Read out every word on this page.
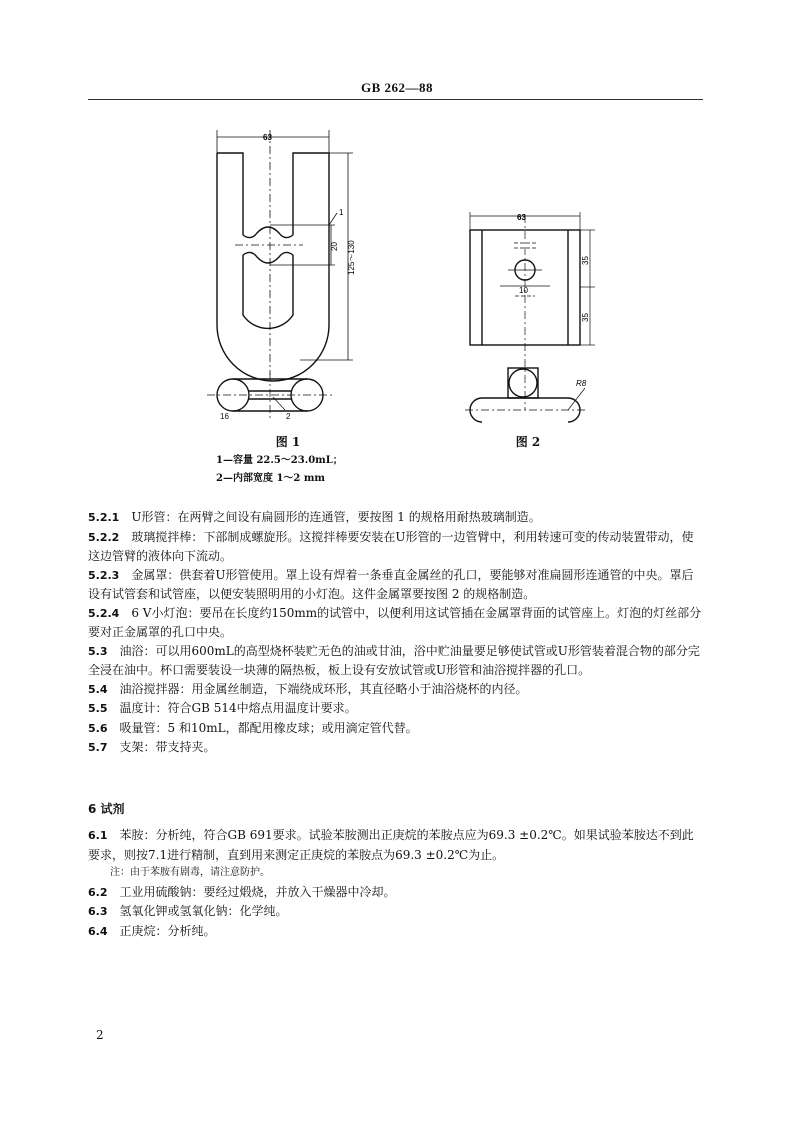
GB 262—88
63
1
20 125～130
16	2
图 1
1—容量 22.5～23.0mL；
2—内部宽度 1～2 mm
63
10
35
35
R8
图 2

5.2.1 U形管：在两臂之间设有扁圆形的连通管，要按图 1 的规格用耐热玻璃制造。

5.2.2 玻璃搅拌棒：下部制成螺旋形。这搅拌棒要安装在U形管的一边管臂中，利用转速可变的传动装置带动，使这边管臂的液体向下流动。

5.2.3 金属罩：供套着U形管使用。罩上设有焊着一条垂直金属丝的孔口，要能够对准扁圆形连通管的中央。罩后设有试管套和试管座，以便安装照明用的小灯泡。这件金属罩要按图 2 的规格制造。

5.2.4 6 V小灯泡：要吊在长度约150mm的试管中，以便利用这试管插在金属罩背面的试管座上。灯泡的灯丝部分要对正金属罩的孔口中央。

5.3 油浴：可以用600mL的高型烧杯装贮无色的油或甘油，浴中贮油量要足够使试管或U形管装着混合物的部分完全浸在油中。杯口需要装设一块薄的隔热板，板上设有安放试管或U形管和油浴搅拌器的孔口。

5.4 油浴搅拌器：用金属丝制造，下端绕成环形，其直径略小于油浴烧杯的内径。

5.5 温度计：符合GB 514中熔点用温度计要求。

5.6 吸量管：5 和10mL，都配用橡皮球；或用滴定管代替。

5.7 支架：带支持夹。

6 试剂

6.1 苯胺：分析纯，符合GB 691要求。试验苯胺测出正庚烷的苯胺点应为69.3 ±0.2℃。如果试验苯胺达不到此要求，则按7.1进行精制，直到用来测定正庚烷的苯胺点为69.3 ±0.2℃为止。

注：由于苯胺有剧毒，请注意防护。

6.2 工业用硫酸钠：要经过煅烧，并放入干燥器中冷却。

6.3 氢氧化钾或氢氧化钠：化学纯。

6.4 正庚烷：分析纯。

2
